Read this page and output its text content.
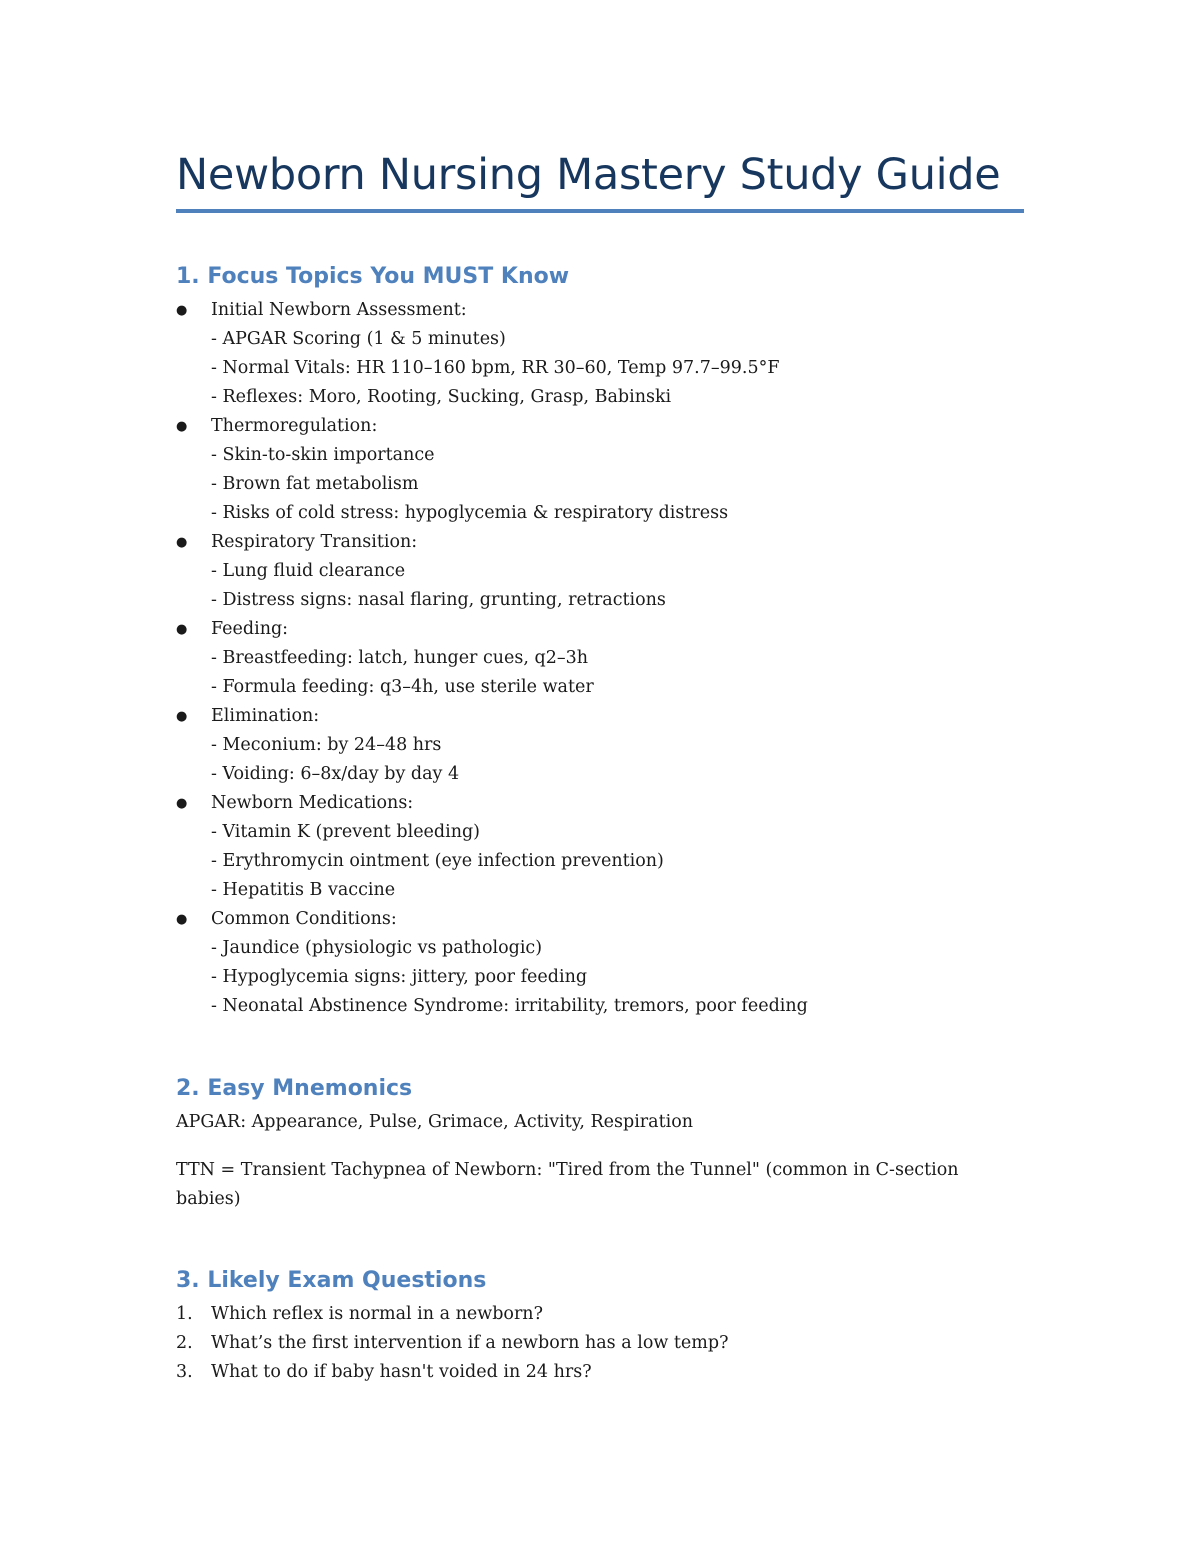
Newborn Nursing Mastery Study Guide
1. Focus Topics You MUST Know
●	Initial Newborn Assessment:
- APGAR Scoring (1 & 5 minutes)
- Normal Vitals: HR 110–160 bpm, RR 30–60, Temp 97.7–99.5°F
- Reflexes: Moro, Rooting, Sucking, Grasp, Babinski
●	Thermoregulation:
- Skin-to-skin importance
- Brown fat metabolism
- Risks of cold stress: hypoglycemia & respiratory distress
●	Respiratory Transition:
- Lung fluid clearance
- Distress signs: nasal flaring, grunting, retractions
●	Feeding:
- Breastfeeding: latch, hunger cues, q2–3h
- Formula feeding: q3–4h, use sterile water
●	Elimination:
- Meconium: by 24–48 hrs
- Voiding: 6–8x/day by day 4
●	Newborn Medications:
- Vitamin K (prevent bleeding)
- Erythromycin ointment (eye infection prevention)
- Hepatitis B vaccine
●	Common Conditions:
- Jaundice (physiologic vs pathologic)
- Hypoglycemia signs: jittery, poor feeding
- Neonatal Abstinence Syndrome: irritability, tremors, poor feeding
2. Easy Mnemonics

APGAR: Appearance, Pulse, Grimace, Activity, Respiration

TTN = Transient Tachypnea of Newborn: "Tired from the Tunnel" (common in C-section babies)

3. Likely Exam Questions
1.	Which reflex is normal in a newborn?
2.	What’s the first intervention if a newborn has a low temp?
3.	What to do if baby hasn't voided in 24 hrs?
